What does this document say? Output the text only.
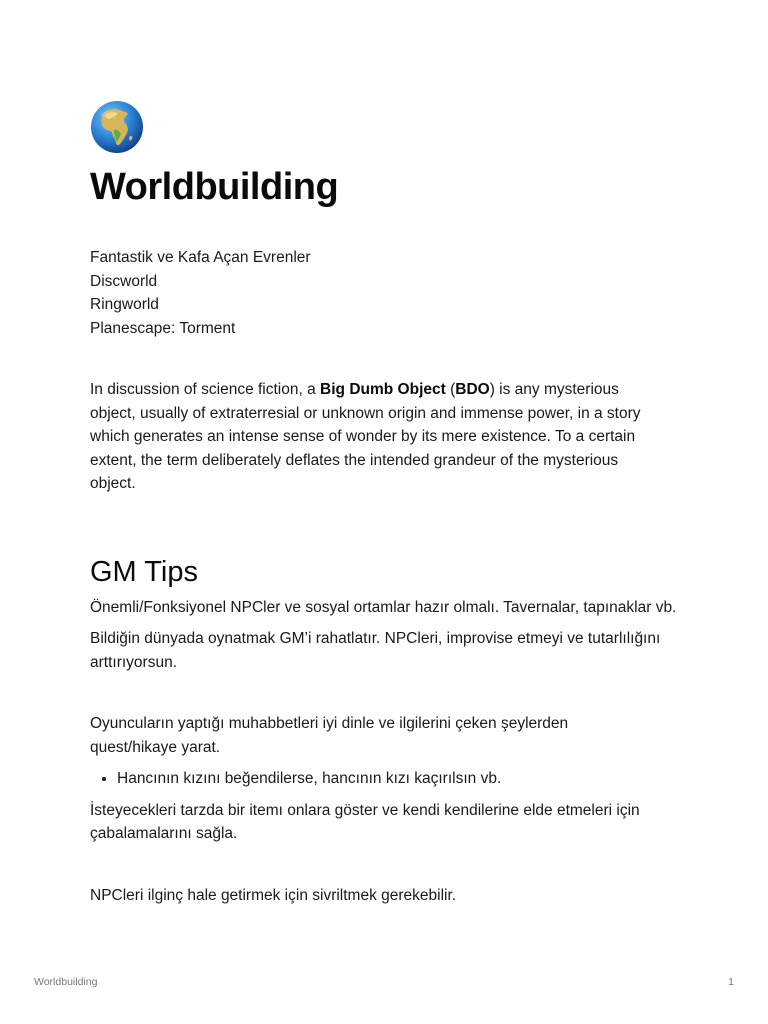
Worldbuilding
Fantastik ve Kafa Açan Evrenler
Discworld
Ringworld
Planescape: Torment

In discussion of science fiction, a Big Dumb Object (BDO) is any mysterious object, usually of extraterresial or unknown origin and immense power, in a story which generates an intense sense of wonder by its mere existence. To a certain extent, the term deliberately deflates the intended grandeur of the mysterious object.

GM Tips

Önemli/Fonksiyonel NPCler ve sosyal ortamlar hazır olmalı. Tavernalar, tapınaklar vb.

Bildiğin dünyada oynatmak GM’i rahatlatır. NPCleri, improvise etmeyi ve tutarlılığını arttırıyorsun.

Oyuncuların yaptığı muhabbetleri iyi dinle ve ilgilerini çeken şeylerden quest/hikaye yarat.

• Hancının kızını beğendilerse, hancının kızı kaçırılsın vb.

İsteyecekleri tarzda bir itemı onlara göster ve kendi kendilerine elde etmeleri için çabalamalarını sağla.

NPCleri ilginç hale getirmek için sivriltmek gerekebilir.

Worldbuilding	1
